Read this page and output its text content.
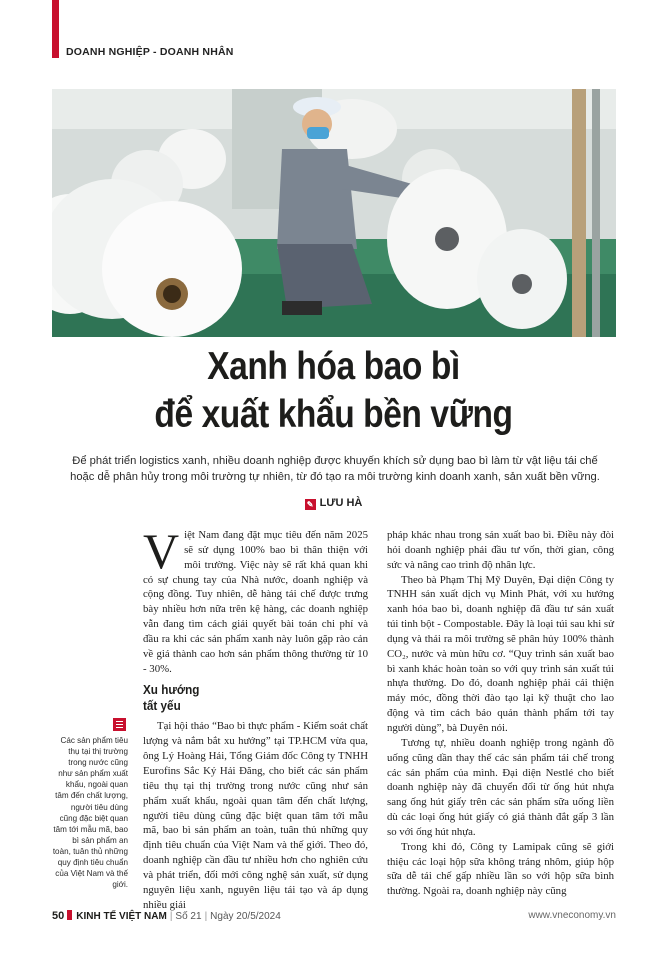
DOANH NGHIỆP - DOANH NHÂN
Xanh hóa bao bì
để xuất khẩu bền vững
Để phát triển logistics xanh, nhiều doanh nghiệp được khuyến khích sử dụng bao bì làm từ vật liệu tái chế hoặc dễ phân hủy trong môi trường tự nhiên, từ đó tạo ra môi trường kinh doanh xanh, sản xuất bền vững.
✎ LƯU HÀ

Việt Nam đang đặt mục tiêu đến năm 2025 sẽ sử dụng 100% bao bì thân thiện với môi trường. Việc này sẽ rất khả quan khi có sự chung tay của Nhà nước, doanh nghiệp và cộng đồng. Tuy nhiên, dễ hàng tái chế được trưng bày nhiều hơn nữa trên kệ hàng, các doanh nghiệp vẫn đang tìm cách giải quyết bài toán chi phí và đầu ra khi các sản phẩm xanh này luôn gặp rào cản về giá thành cao hơn sản phẩm thông thường từ 10 - 30%.

Xu hướng
tất yếu

Tại hội thảo “Bao bì thực phẩm - Kiểm soát chất lượng và nắm bắt xu hướng” tại TP.HCM vừa qua, ông Lý Hoàng Hải, Tổng Giám đốc Công ty TNHH Eurofins Sắc Ký Hải Đăng, cho biết các sản phẩm tiêu thụ tại thị trường trong nước cũng như sản phẩm xuất khẩu, ngoài quan tâm đến chất lượng, người tiêu dùng cũng đặc biệt quan tâm tới mẫu mã, bao bì sản phẩm an toàn, tuân thủ những quy định tiêu chuẩn của Việt Nam và thế giới. Theo đó, doanh nghiệp cần đầu tư nhiều hơn cho nghiên cứu và phát triển, đổi mới công nghệ sản xuất, sử dụng nguyên liệu xanh, nguyên liệu tái tạo và áp dụng nhiều giải

pháp khác nhau trong sản xuất bao bì. Điều này đòi hỏi doanh nghiệp phải đầu tư vốn, thời gian, công sức và nâng cao trình độ nhân lực.

Theo bà Phạm Thị Mỹ Duyên, Đại diện Công ty TNHH sản xuất dịch vụ Minh Phát, với xu hướng xanh hóa bao bì, doanh nghiệp đã đầu tư sản xuất túi tinh bột - Compostable. Đây là loại túi sau khi sử dụng và thải ra môi trường sẽ phân hủy 100% thành CO₂, nước và mùn hữu cơ. “Quy trình sản xuất bao bì xanh khác hoàn toàn so với quy trình sản xuất túi nhựa thường. Do đó, doanh nghiệp phải cải thiện máy móc, đồng thời đào tạo lại kỹ thuật cho lao động và tìm cách bảo quản thành phẩm tới tay người dùng”, bà Duyên nói.

Tương tự, nhiều doanh nghiệp trong ngành đồ uống cũng dần thay thế các sản phẩm tái chế trong các sản phẩm của mình. Đại diện Nestlé cho biết doanh nghiệp này đã chuyển đổi từ ống hút nhựa sang ống hút giấy trên các sản phẩm sữa uống liền dù các loại ống hút giấy có giá thành đắt gấp 3 lần so với ống hút nhựa.

Trong khi đó, Công ty Lamipak cũng sẽ giới thiệu các loại hộp sữa không tráng nhôm, giúp hộp sữa dễ tái chế gấp nhiều lần so với hộp sữa bình thường. Ngoài ra, doanh nghiệp này cũng

Các sản phẩm tiêu thụ tại thị trường trong nước cũng như sản phẩm xuất khẩu, ngoài quan tâm đến chất lượng, người tiêu dùng cũng đặc biệt quan tâm tới mẫu mã, bao bì sản phẩm an toàn, tuân thủ những quy định tiêu chuẩn của Việt Nam và thế giới.
50 KINH TẾ VIỆT NAM | Số 21 | Ngày 20/5/2024	www.vneconomy.vn
